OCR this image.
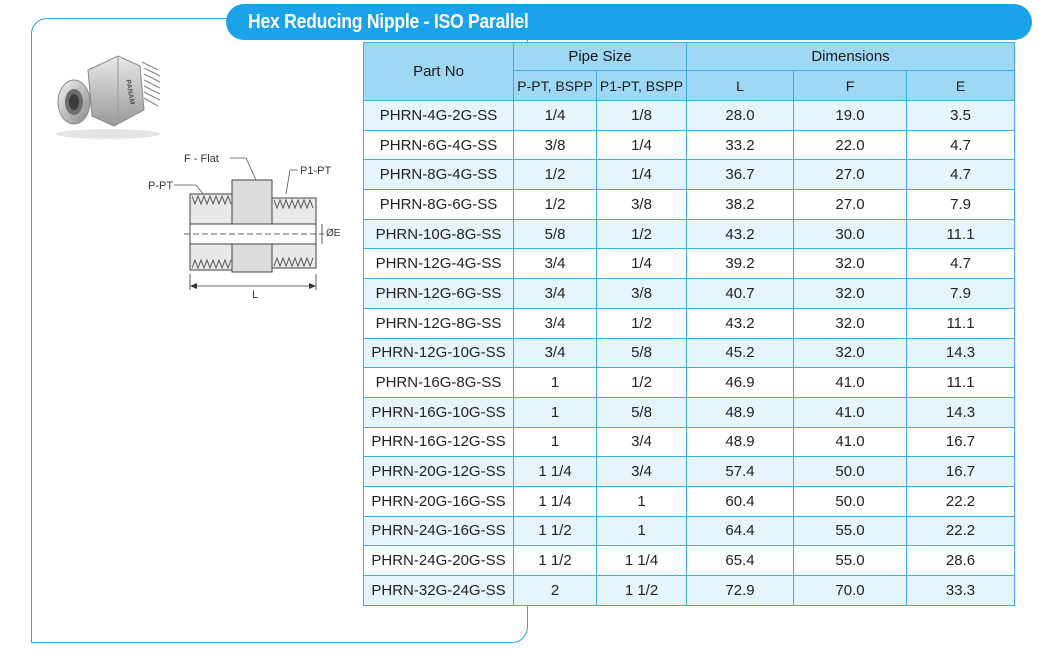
Hex Reducing Nipple - ISO Parallel
PANAM
F - Flat
P-PT
P1-PT
ØE
L
Part No	Pipe Size		Dimensions		
	P-PT, BSPP	P1-PT, BSPP	L	F	E
PHRN-4G-2G-SS	1/4	1/8	28.0	19.0	3.5
PHRN-6G-4G-SS	3/8	1/4	33.2	22.0	4.7
PHRN-8G-4G-SS	1/2	1/4	36.7	27.0	4.7
PHRN-8G-6G-SS	1/2	3/8	38.2	27.0	7.9
PHRN-10G-8G-SS	5/8	1/2	43.2	30.0	11.1
PHRN-12G-4G-SS	3/4	1/4	39.2	32.0	4.7
PHRN-12G-6G-SS	3/4	3/8	40.7	32.0	7.9
PHRN-12G-8G-SS	3/4	1/2	43.2	32.0	11.1
PHRN-12G-10G-SS	3/4	5/8	45.2	32.0	14.3
PHRN-16G-8G-SS	1	1/2	46.9	41.0	11.1
PHRN-16G-10G-SS	1	5/8	48.9	41.0	14.3
PHRN-16G-12G-SS	1	3/4	48.9	41.0	16.7
PHRN-20G-12G-SS	1 1/4	3/4	57.4	50.0	16.7
PHRN-20G-16G-SS	1 1/4	1	60.4	50.0	22.2
PHRN-24G-16G-SS	1 1/2	1	64.4	55.0	22.2
PHRN-24G-20G-SS	1 1/2	1 1/4	65.4	55.0	28.6
PHRN-32G-24G-SS	2	1 1/2	72.9	70.0	33.3
